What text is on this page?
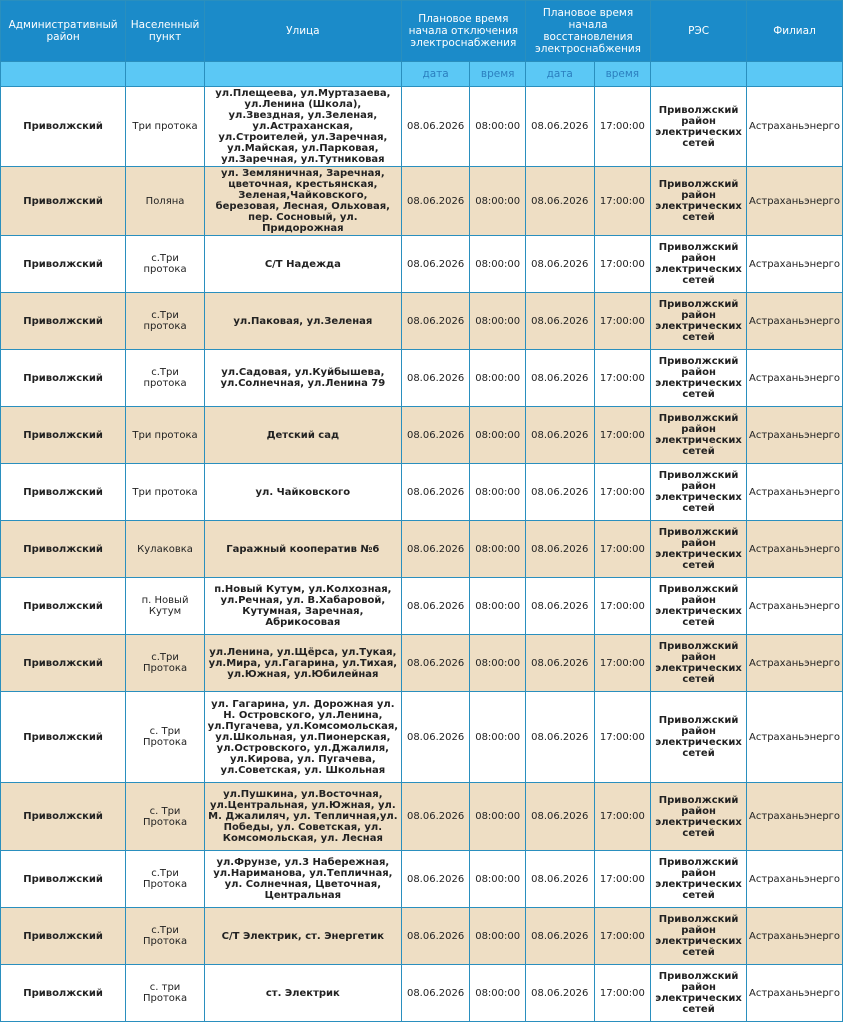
Административный район	Населенный пункт	Улица	Плановое время начала отключения электроснабжения		Плановое время начала восстановления электроснабжения		РЭС	Филиал
			дата	время	дата	время		
Приволжский	Три протока	ул.Плещеева, ул.Муртазаева, ул.Ленина (Школа), ул.Звездная, ул.Зеленая, ул.Астраханская, ул.Строителей, ул.Заречная, ул.Майская, ул.Парковая, ул.Заречная, ул.Тутниковая	08.06.2026	08:00:00	08.06.2026	17:00:00	Приволжский район электрических сетей	Астраханьэнерго
Приволжский	Поляна	ул. Земляничная, Заречная, цветочная, крестьянская, Зеленая,Чайковского, березовая, Лесная, Ольховая, пер. Сосновый, ул. Придорожная	08.06.2026	08:00:00	08.06.2026	17:00:00	Приволжский район электрических сетей	Астраханьэнерго
Приволжский	с.Три протока	С/Т Надежда	08.06.2026	08:00:00	08.06.2026	17:00:00	Приволжский район электрических сетей	Астраханьэнерго
Приволжский	с.Три протока	ул.Паковая, ул.Зеленая	08.06.2026	08:00:00	08.06.2026	17:00:00	Приволжский район электрических сетей	Астраханьэнерго
Приволжский	с.Три протока	ул.Садовая, ул.Куйбышева, ул.Солнечная, ул.Ленина 79	08.06.2026	08:00:00	08.06.2026	17:00:00	Приволжский район электрических сетей	Астраханьэнерго
Приволжский	Три протока	Детский сад	08.06.2026	08:00:00	08.06.2026	17:00:00	Приволжский район электрических сетей	Астраханьэнерго
Приволжский	Три протока	ул. Чайковского	08.06.2026	08:00:00	08.06.2026	17:00:00	Приволжский район электрических сетей	Астраханьэнерго
Приволжский	Кулаковка	Гаражный кооператив №6	08.06.2026	08:00:00	08.06.2026	17:00:00	Приволжский район электрических сетей	Астраханьэнерго
Приволжский	п. Новый Кутум	п.Новый Кутум, ул.Колхозная, ул.Речная, ул. В.Хабаровой, Кутумная, Заречная, Абрикосовая	08.06.2026	08:00:00	08.06.2026	17:00:00	Приволжский район электрических сетей	Астраханьэнерго
Приволжский	с.Три Протока	ул.Ленина, ул.Щёрса, ул.Тукая, ул.Мира, ул.Гагарина, ул.Тихая, ул.Южная, ул.Юбилейная	08.06.2026	08:00:00	08.06.2026	17:00:00	Приволжский район электрических сетей	Астраханьэнерго
Приволжский	с. Три Протока	ул. Гагарина, ул. Дорожная ул. Н. Островского, ул.Ленина, ул.Пугачева, ул.Комсомольская, ул.Школьная, ул.Пионерская, ул.Островского, ул.Джалиля, ул.Кирова, ул. Пугачева, ул.Советская, ул. Школьная	08.06.2026	08:00:00	08.06.2026	17:00:00	Приволжский район электрических сетей	Астраханьэнерго
Приволжский	с. Три Протока	ул.Пушкина, ул.Восточная, ул.Центральная, ул.Южная, ул. М. Джалиляч, ул. Тепличная,ул. Победы, ул. Советская, ул. Комсомольская, ул. Лесная	08.06.2026	08:00:00	08.06.2026	17:00:00	Приволжский район электрических сетей	Астраханьэнерго
Приволжский	с.Три Протока	ул.Фрунзе, ул.3 Набережная, ул.Нариманова, ул.Тепличная, ул. Солнечная, Цветочная, Центральная	08.06.2026	08:00:00	08.06.2026	17:00:00	Приволжский район электрических сетей	Астраханьэнерго
Приволжский	с.Три Протока	С/Т Электрик, ст. Энергетик	08.06.2026	08:00:00	08.06.2026	17:00:00	Приволжский район электрических сетей	Астраханьэнерго
Приволжский	с. три Протока	ст. Электрик	08.06.2026	08:00:00	08.06.2026	17:00:00	Приволжский район электрических сетей	Астраханьэнерго
